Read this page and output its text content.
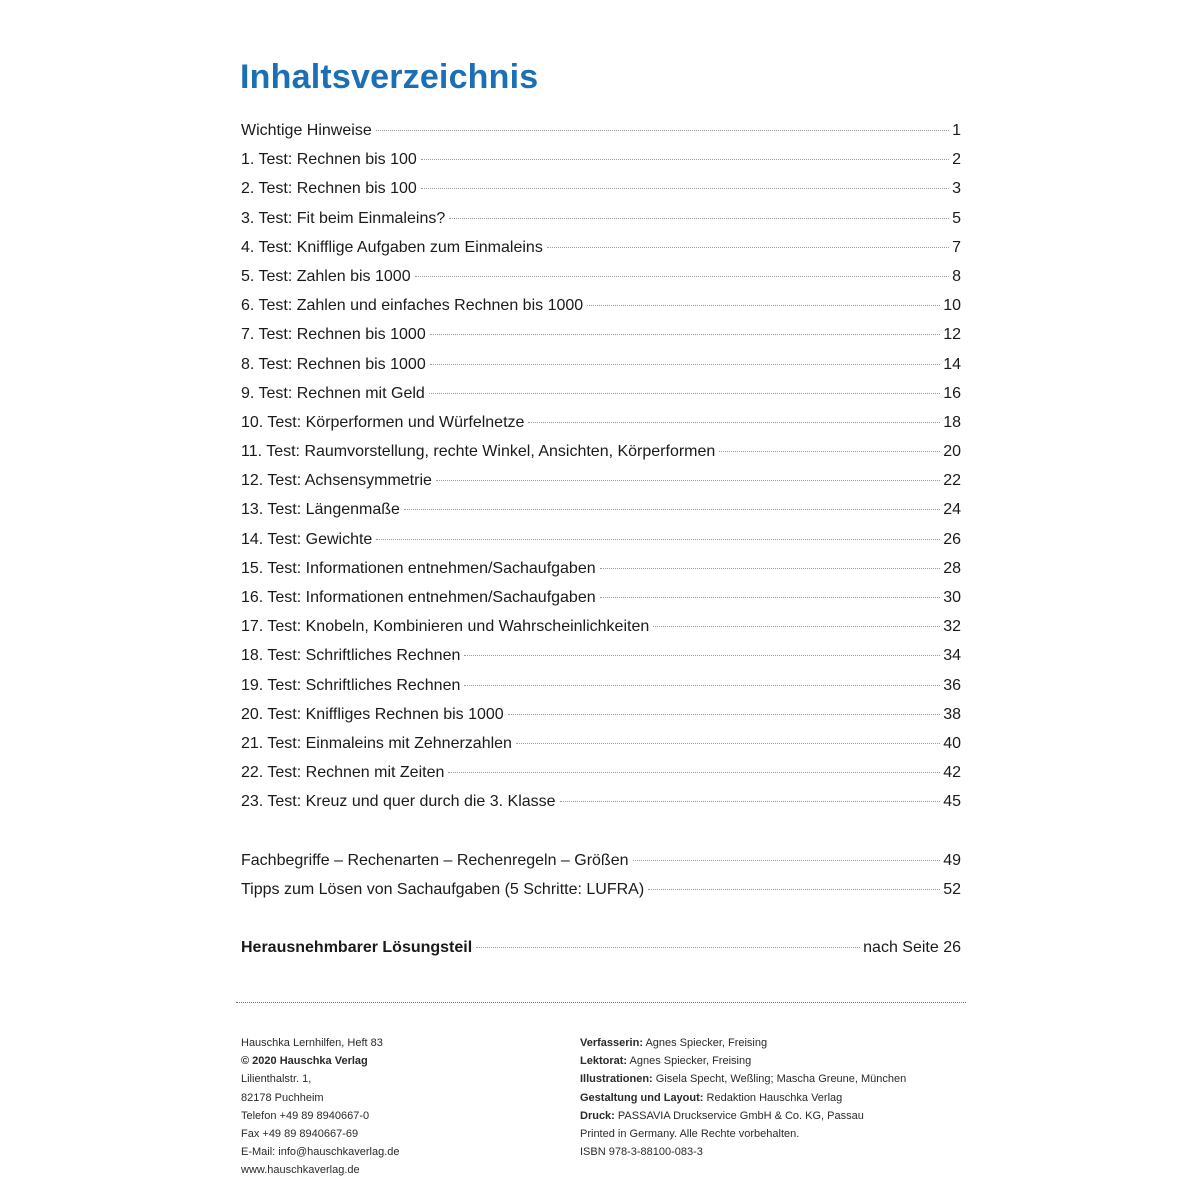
Inhaltsverzeichnis
Wichtige Hinweise	1
1. Test: Rechnen bis 100	2
2. Test: Rechnen bis 100	3
3. Test: Fit beim Einmaleins?	5
4. Test: Knifflige Aufgaben zum Einmaleins	7
5. Test: Zahlen bis 1000	8
6. Test: Zahlen und einfaches Rechnen bis 1000	10
7. Test: Rechnen bis 1000	12
8. Test: Rechnen bis 1000	14
9. Test: Rechnen mit Geld	16
10. Test: Körperformen und Würfelnetze	18
11. Test: Raumvorstellung, rechte Winkel, Ansichten, Körperformen	20
12. Test: Achsensymmetrie	22
13. Test: Längenmaße	24
14. Test: Gewichte	26
15. Test: Informationen entnehmen/Sachaufgaben	28
16. Test: Informationen entnehmen/Sachaufgaben	30
17. Test: Knobeln, Kombinieren und Wahrscheinlichkeiten	32
18. Test: Schriftliches Rechnen	34
19. Test: Schriftliches Rechnen	36
20. Test: Kniffliges Rechnen bis 1000	38
21. Test: Einmaleins mit Zehnerzahlen	40
22. Test: Rechnen mit Zeiten	42
23. Test: Kreuz und quer durch die 3. Klasse	45
Fachbegriffe – Rechenarten – Rechenregeln – Größen	49
Tipps zum Lösen von Sachaufgaben (5 Schritte: LUFRA)	52
Herausnehmbarer Lösungsteil	nach Seite 26
Hauschka Lernhilfen, Heft 83
© 2020 Hauschka Verlag
Lilienthalstr. 1,
82178 Puchheim
Telefon +49 89 8940667-0
Fax +49 89 8940667-69
E-Mail: info@hauschkaverlag.de
www.hauschkaverlag.de
Verfasserin: Agnes Spiecker, Freising
Lektorat: Agnes Spiecker, Freising
Illustrationen: Gisela Specht, Weßling; Mascha Greune, München
Gestaltung und Layout: Redaktion Hauschka Verlag
Druck: PASSAVIA Druckservice GmbH & Co. KG, Passau
Printed in Germany. Alle Rechte vorbehalten.
ISBN 978-3-88100-083-3
